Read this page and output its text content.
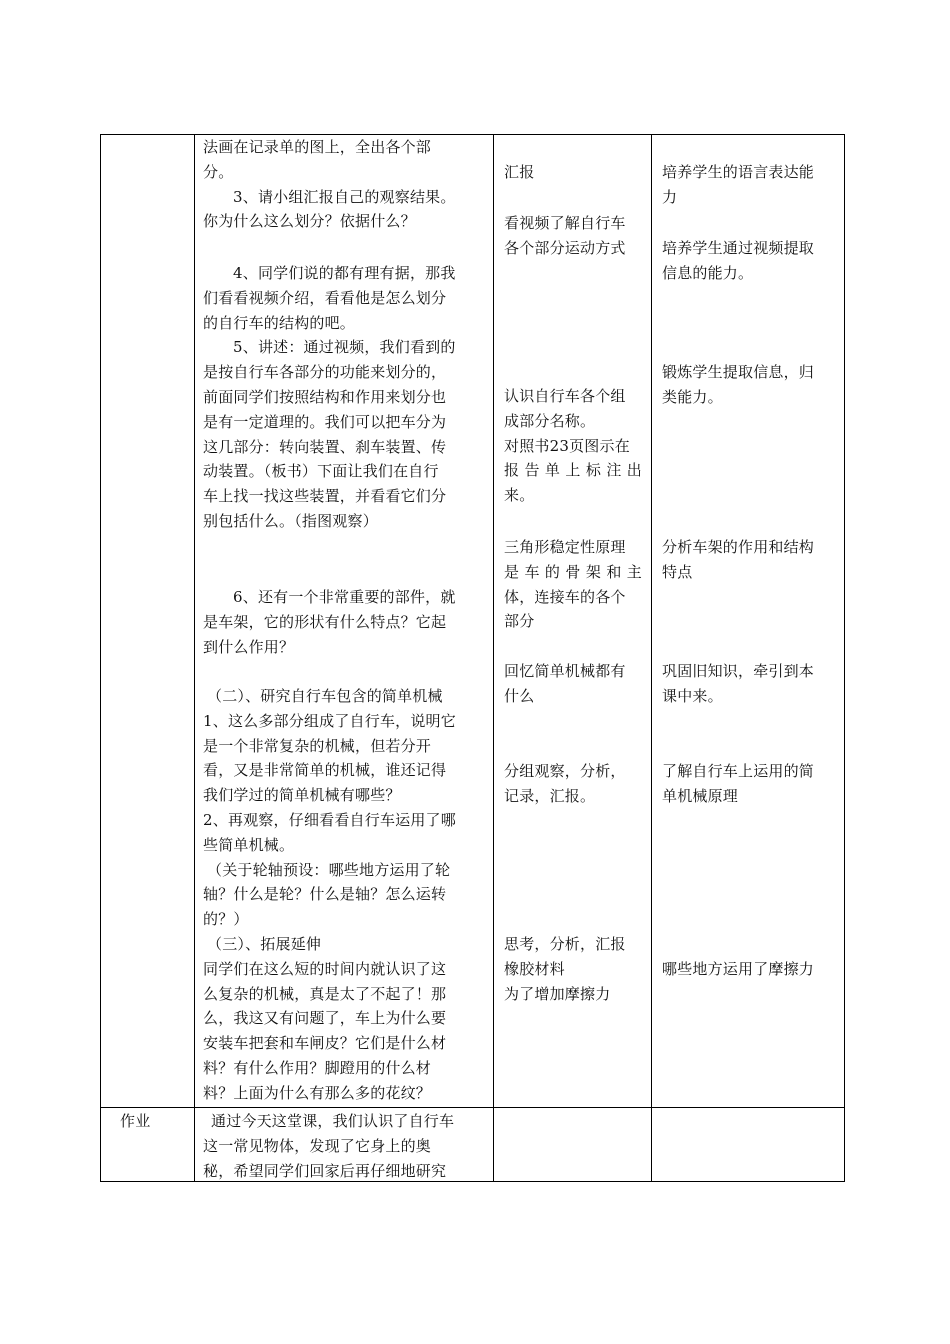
法画在记录单的图上，全出各个部
分。
3、请小组汇报自己的观察结果。
你为什么这么划分？依据什么？
4、同学们说的都有理有据，那我
们看看视频介绍，看看他是怎么划分
的自行车的结构的吧。
5、讲述：通过视频，我们看到的
是按自行车各部分的功能来划分的，
前面同学们按照结构和作用来划分也
是有一定道理的。我们可以把车分为
这几部分：转向装置、刹车装置、传
动装置。（板书）下面让我们在自行
车上找一找这些装置，并看看它们分
别包括什么。（指图观察）
6、还有一个非常重要的部件，就
是车架，它的形状有什么特点？它起
到什么作用？
（二）、研究自行车包含的简单机械
1、这么多部分组成了自行车，说明它
是一个非常复杂的机械，但若分开
看，又是非常简单的机械，谁还记得
我们学过的简单机械有哪些？
2、再观察，仔细看看自行车运用了哪
些简单机械。
（关于轮轴预设：哪些地方运用了轮
轴？什么是轮？什么是轴？怎么运转
的？）
（三）、拓展延伸
同学们在这么短的时间内就认识了这
么复杂的机械，真是太了不起了！那
么，我这又有问题了，车上为什么要
安装车把套和车闸皮？它们是什么材
料？有什么作用？脚蹬用的什么材
料？上面为什么有那么多的花纹？
汇报
看视频了解自行车
各个部分运动方式
认识自行车各个组
成部分名称。
对照书23页图示在
报告单上标注出
来。
三角形稳定性原理
是车的骨架和主
体，连接车的各个
部分
回忆简单机械都有
什么
分组观察，分析，
记录，汇报。
思考，分析，汇报
橡胶材料
为了增加摩擦力
培养学生的语言表达能
力
培养学生通过视频提取
信息的能力。
锻炼学生提取信息，归
类能力。
分析车架的作用和结构
特点
巩固旧知识，牵引到本
课中来。
了解自行车上运用的简
单机械原理
哪些地方运用了摩擦力
作业	通过今天这堂课，我们认识了自行车
这一常见物体，发现了它身上的奥
秘，希望同学们回家后再仔细地研究
